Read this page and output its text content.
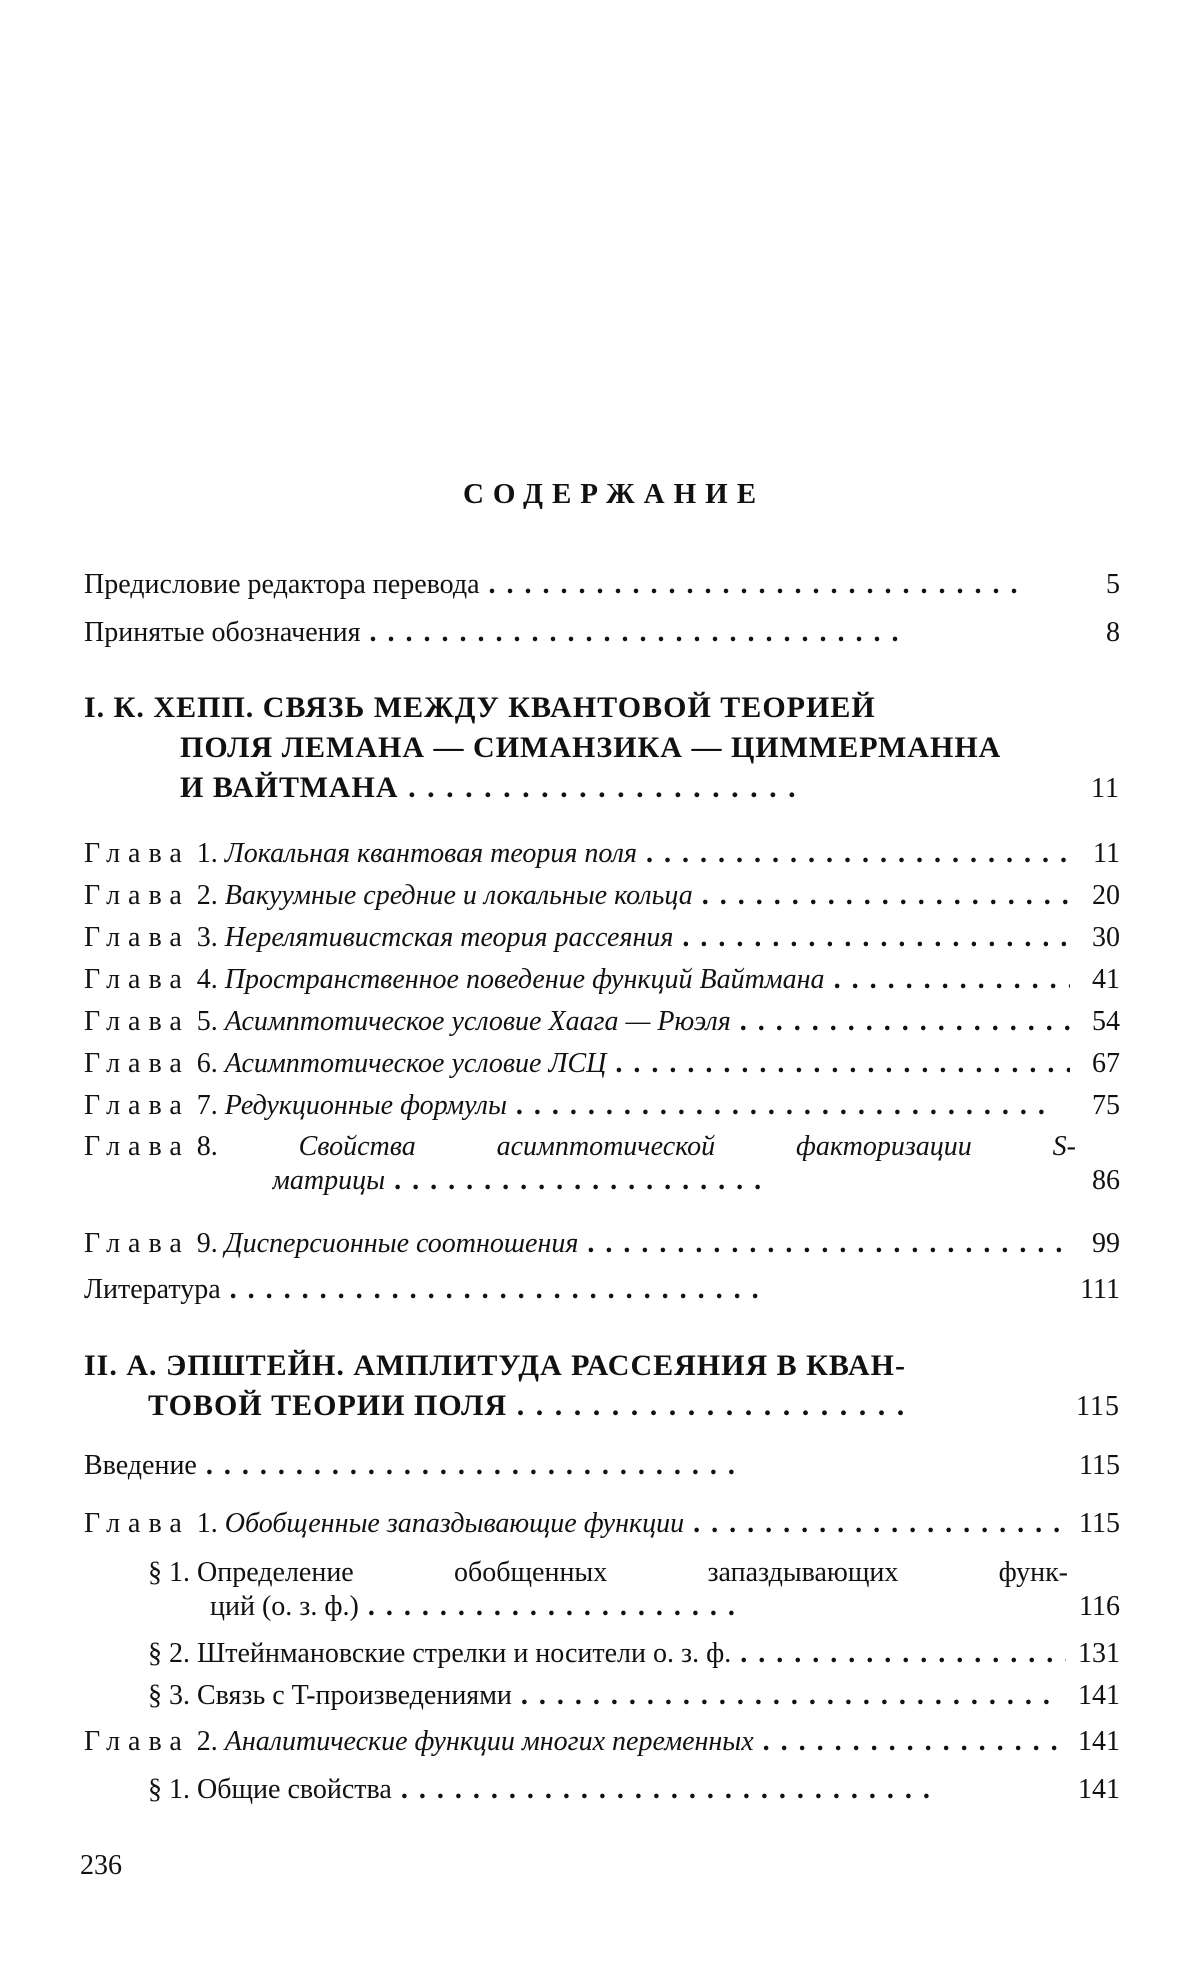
СОДЕРЖАНИЕ
Предисловие редактора перевода . .	5
Принятые обозначения . .	8
I. К. ХЕПП. СВЯЗЬ МЕЖДУ КВАНТОВОЙ ТЕОРИЕЙ
ПОЛЯ ЛЕМАНА — СИМАНЗИКА — ЦИММЕРМАННА
И ВАЙТМАНА . .	11
Глава 1. Локальная квантовая теория поля . .	11
Глава 2. Вакуумные средние и локальные кольца . .	20
Глава 3. Нерелятивистская теория рассеяния . .	30
Глава 4. Пространственное поведение функций Вайтмана . .	41
Глава 5. Асимптотическое условие Хаага — Рюэля . .	54
Глава 6. Асимптотическое условие ЛСЦ . .	67
Глава 7. Редукционные формулы . .	75
Глава 8.	Свойства	асимптотической	факторизации	S-
матрицы . .	86
Глава 9. Дисперсионные соотношения . .	99
Литература . .	111
II. А. ЭПШТЕЙН. АМПЛИТУДА РАССЕЯНИЯ В КВАН-
ТОВОЙ ТЕОРИИ ПОЛЯ . .	115
Введение . .	115
Глава 1. Обобщенные запаздывающие функции . .	115
§ 1. Определение	обобщенных	запаздывающих	функ-
ций (о. з. ф.) . .	116
§ 2. Штейнмановские стрелки и носители о. з. ф. . .	131
§ 3. Связь с T-произведениями . .	141
Глава 2. Аналитические функции многих переменных . .	141
§ 1. Общие свойства . .	141
236
